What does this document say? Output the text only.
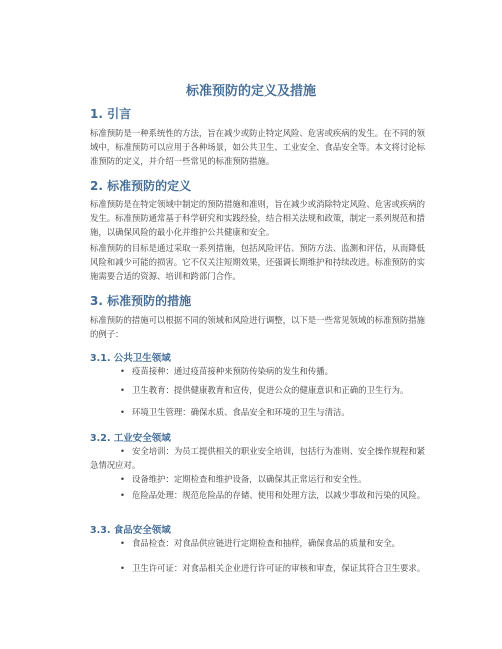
标准预防的定义及措施
1. 引言

标准预防是一种系统性的方法，旨在减少或防止特定风险、危害或疾病的发生。在不同的领域中，标准预防可以应用于各种场景，如公共卫生、工业安全、食品安全等。本文将讨论标准预防的定义，并介绍一些常见的标准预防措施。

2. 标准预防的定义

标准预防是在特定领域中制定的预防措施和准则，旨在减少或消除特定风险、危害或疾病的发生。标准预防通常基于科学研究和实践经验，结合相关法规和政策，制定一系列规范和措施，以确保风险的最小化并维护公共健康和安全。

标准预防的目标是通过采取一系列措施，包括风险评估、预防方法、监测和评估，从而降低风险和减少可能的损害。它不仅关注短期效果，还强调长期维护和持续改进。标准预防的实施需要合适的资源、培训和跨部门合作。

3. 标准预防的措施

标准预防的措施可以根据不同的领域和风险进行调整，以下是一些常见领域的标准预防措施的例子：

3.1. 公共卫生领域
• 疫苗接种：通过疫苗接种来预防传染病的发生和传播。
• 卫生教育：提供健康教育和宣传，促进公众的健康意识和正确的卫生行为。
• 环境卫生管理：确保水质、食品安全和环境的卫生与清洁。
3.2. 工业安全领域
• 安全培训：为员工提供相关的职业安全培训，包括行为准则、安全操作规程和紧急情况应对。
• 设备维护：定期检查和维护设备，以确保其正常运行和安全性。
• 危险品处理：规范危险品的存储、使用和处理方法，以减少事故和污染的风险。
3.3. 食品安全领域
• 食品检查：对食品供应链进行定期检查和抽样，确保食品的质量和安全。
• 卫生许可证：对食品相关企业进行许可证的审核和审查，保证其符合卫生要求。
